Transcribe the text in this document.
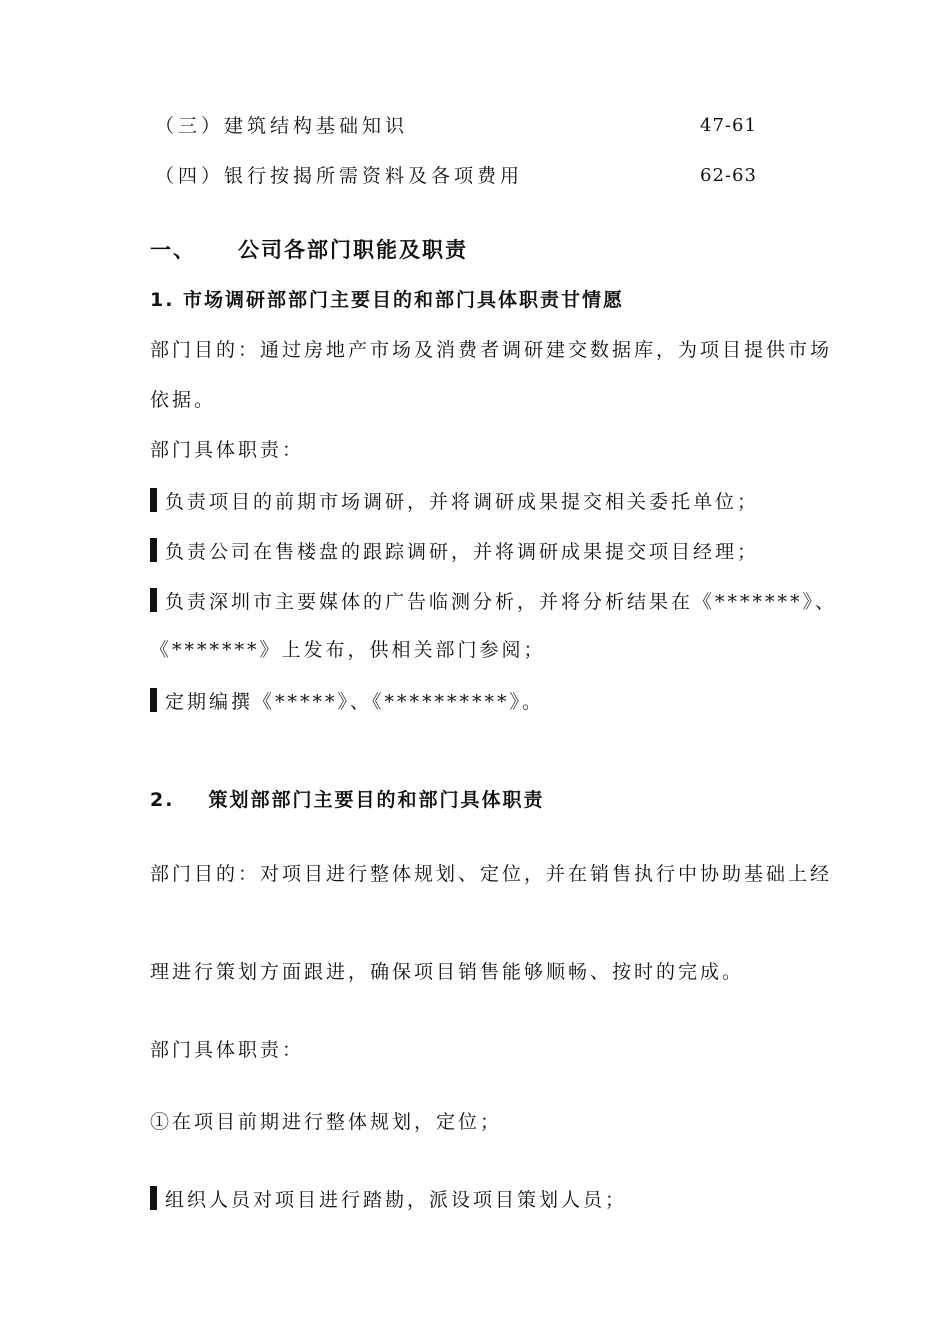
（三）建筑结构基础知识	47-61
（四）银行按揭所需资料及各项费用	62-63
一、 公司各部门职能及职责
1. 市场调研部部门主要目的和部门具体职责甘情愿
部门目的：通过房地产市场及消费者调研建交数据库，为项目提供市场
依据。
部门具体职责：
负责项目的前期市场调研，并将调研成果提交相关委托单位；
负责公司在售楼盘的跟踪调研，并将调研成果提交项目经理；
负责深圳市主要媒体的广告临测分析，并将分析结果在《*******》、
《*******》上发布，供相关部门参阅；
定期编撰《*****》、《**********》。
2. 策划部部门主要目的和部门具体职责
部门目的：对项目进行整体规划、定位，并在销售执行中协助基础上经
理进行策划方面跟进，确保项目销售能够顺畅、按时的完成。
部门具体职责：
①在项目前期进行整体规划，定位；
组织人员对项目进行踏勘，派设项目策划人员；
